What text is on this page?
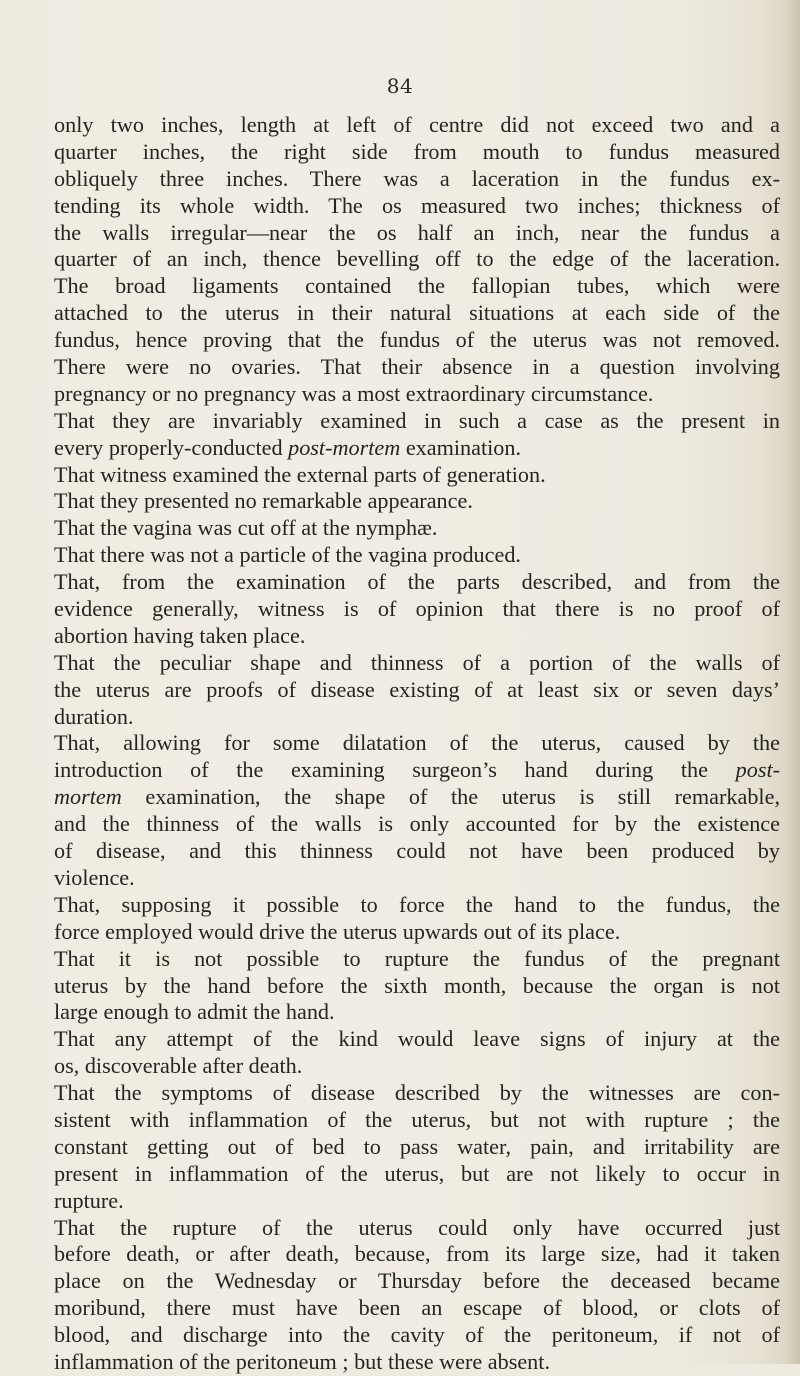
84
only two inches, length at left of centre did not exceed two and a
quarter inches, the right side from mouth to fundus measured
obliquely three inches. There was a laceration in the fundus ex-
tending its whole width. The os measured two inches; thickness of
the walls irregular—near the os half an inch, near the fundus a
quarter of an inch, thence bevelling off to the edge of the laceration.
The broad ligaments contained the fallopian tubes, which were
attached to the uterus in their natural situations at each side of the
fundus, hence proving that the fundus of the uterus was not removed.
There were no ovaries. That their absence in a question involving
pregnancy or no pregnancy was a most extraordinary circumstance.
That they are invariably examined in such a case as the present in
every properly-conducted post-mortem examination.
That witness examined the external parts of generation.
That they presented no remarkable appearance.
That the vagina was cut off at the nymphæ.
That there was not a particle of the vagina produced.
That, from the examination of the parts described, and from the
evidence generally, witness is of opinion that there is no proof of
abortion having taken place.
That the peculiar shape and thinness of a portion of the walls of
the uterus are proofs of disease existing of at least six or seven days’
duration.
That, allowing for some dilatation of the uterus, caused by the
introduction of the examining surgeon’s hand during the post-
mortem examination, the shape of the uterus is still remarkable,
and the thinness of the walls is only accounted for by the existence
of disease, and this thinness could not have been produced by
violence.
That, supposing it possible to force the hand to the fundus, the
force employed would drive the uterus upwards out of its place.
That it is not possible to rupture the fundus of the pregnant
uterus by the hand before the sixth month, because the organ is not
large enough to admit the hand.
That any attempt of the kind would leave signs of injury at the
os, discoverable after death.
That the symptoms of disease described by the witnesses are con-
sistent with inflammation of the uterus, but not with rupture ; the
constant getting out of bed to pass water, pain, and irritability are
present in inflammation of the uterus, but are not likely to occur in
rupture.
That the rupture of the uterus could only have occurred just
before death, or after death, because, from its large size, had it taken
place on the Wednesday or Thursday before the deceased became
moribund, there must have been an escape of blood, or clots of
blood, and discharge into the cavity of the peritoneum, if not of
inflammation of the peritoneum ; but these were absent.
